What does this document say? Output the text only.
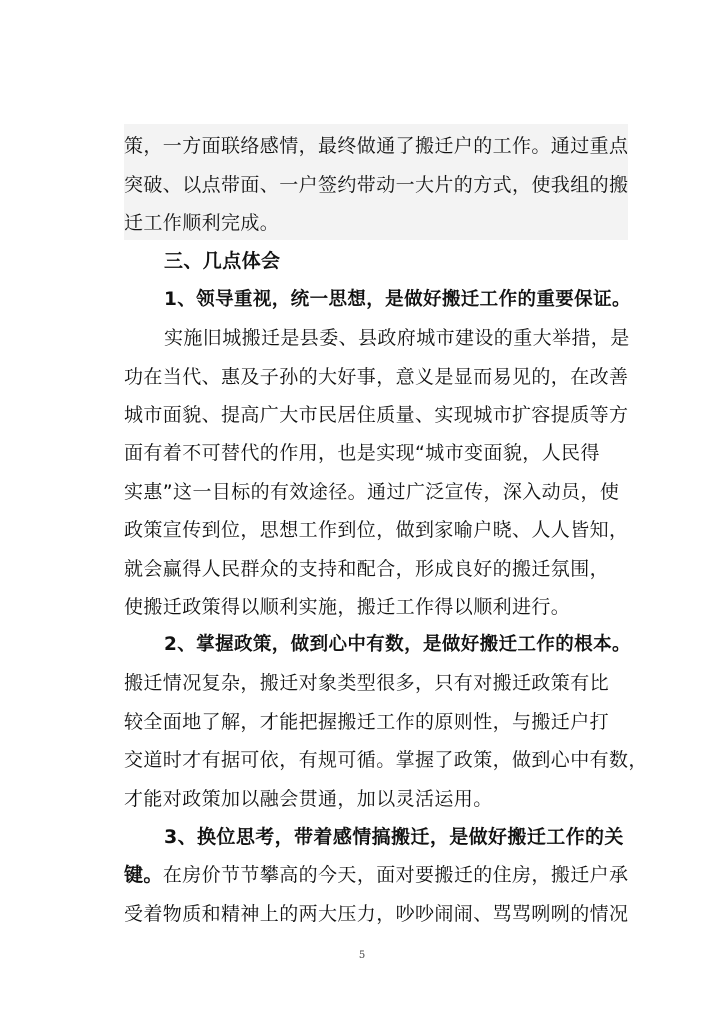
策，一方面联络感情，最终做通了搬迁户的工作。通过重点
突破、以点带面、一户签约带动一大片的方式，使我组的搬
迁工作顺利完成。
三、几点体会
1、领导重视，统一思想，是做好搬迁工作的重要保证。
实施旧城搬迁是县委、县政府城市建设的重大举措，是
功在当代、惠及子孙的大好事，意义是显而易见的，在改善
城市面貌、提高广大市民居住质量、实现城市扩容提质等方
面有着不可替代的作用，也是实现“城市变面貌，人民得
实惠”这一目标的有效途径。通过广泛宣传，深入动员，使
政策宣传到位，思想工作到位，做到家喻户晓、人人皆知，
就会赢得人民群众的支持和配合，形成良好的搬迁氛围，
使搬迁政策得以顺利实施，搬迁工作得以顺利进行。
2、掌握政策，做到心中有数，是做好搬迁工作的根本。
搬迁情况复杂，搬迁对象类型很多，只有对搬迁政策有比
较全面地了解，才能把握搬迁工作的原则性，与搬迁户打
交道时才有据可依，有规可循。掌握了政策，做到心中有数，
才能对政策加以融会贯通，加以灵活运用。
3、换位思考，带着感情搞搬迁，是做好搬迁工作的关
键。在房价节节攀高的今天，面对要搬迁的住房，搬迁户承
受着物质和精神上的两大压力，吵吵闹闹、骂骂咧咧的情况
5
